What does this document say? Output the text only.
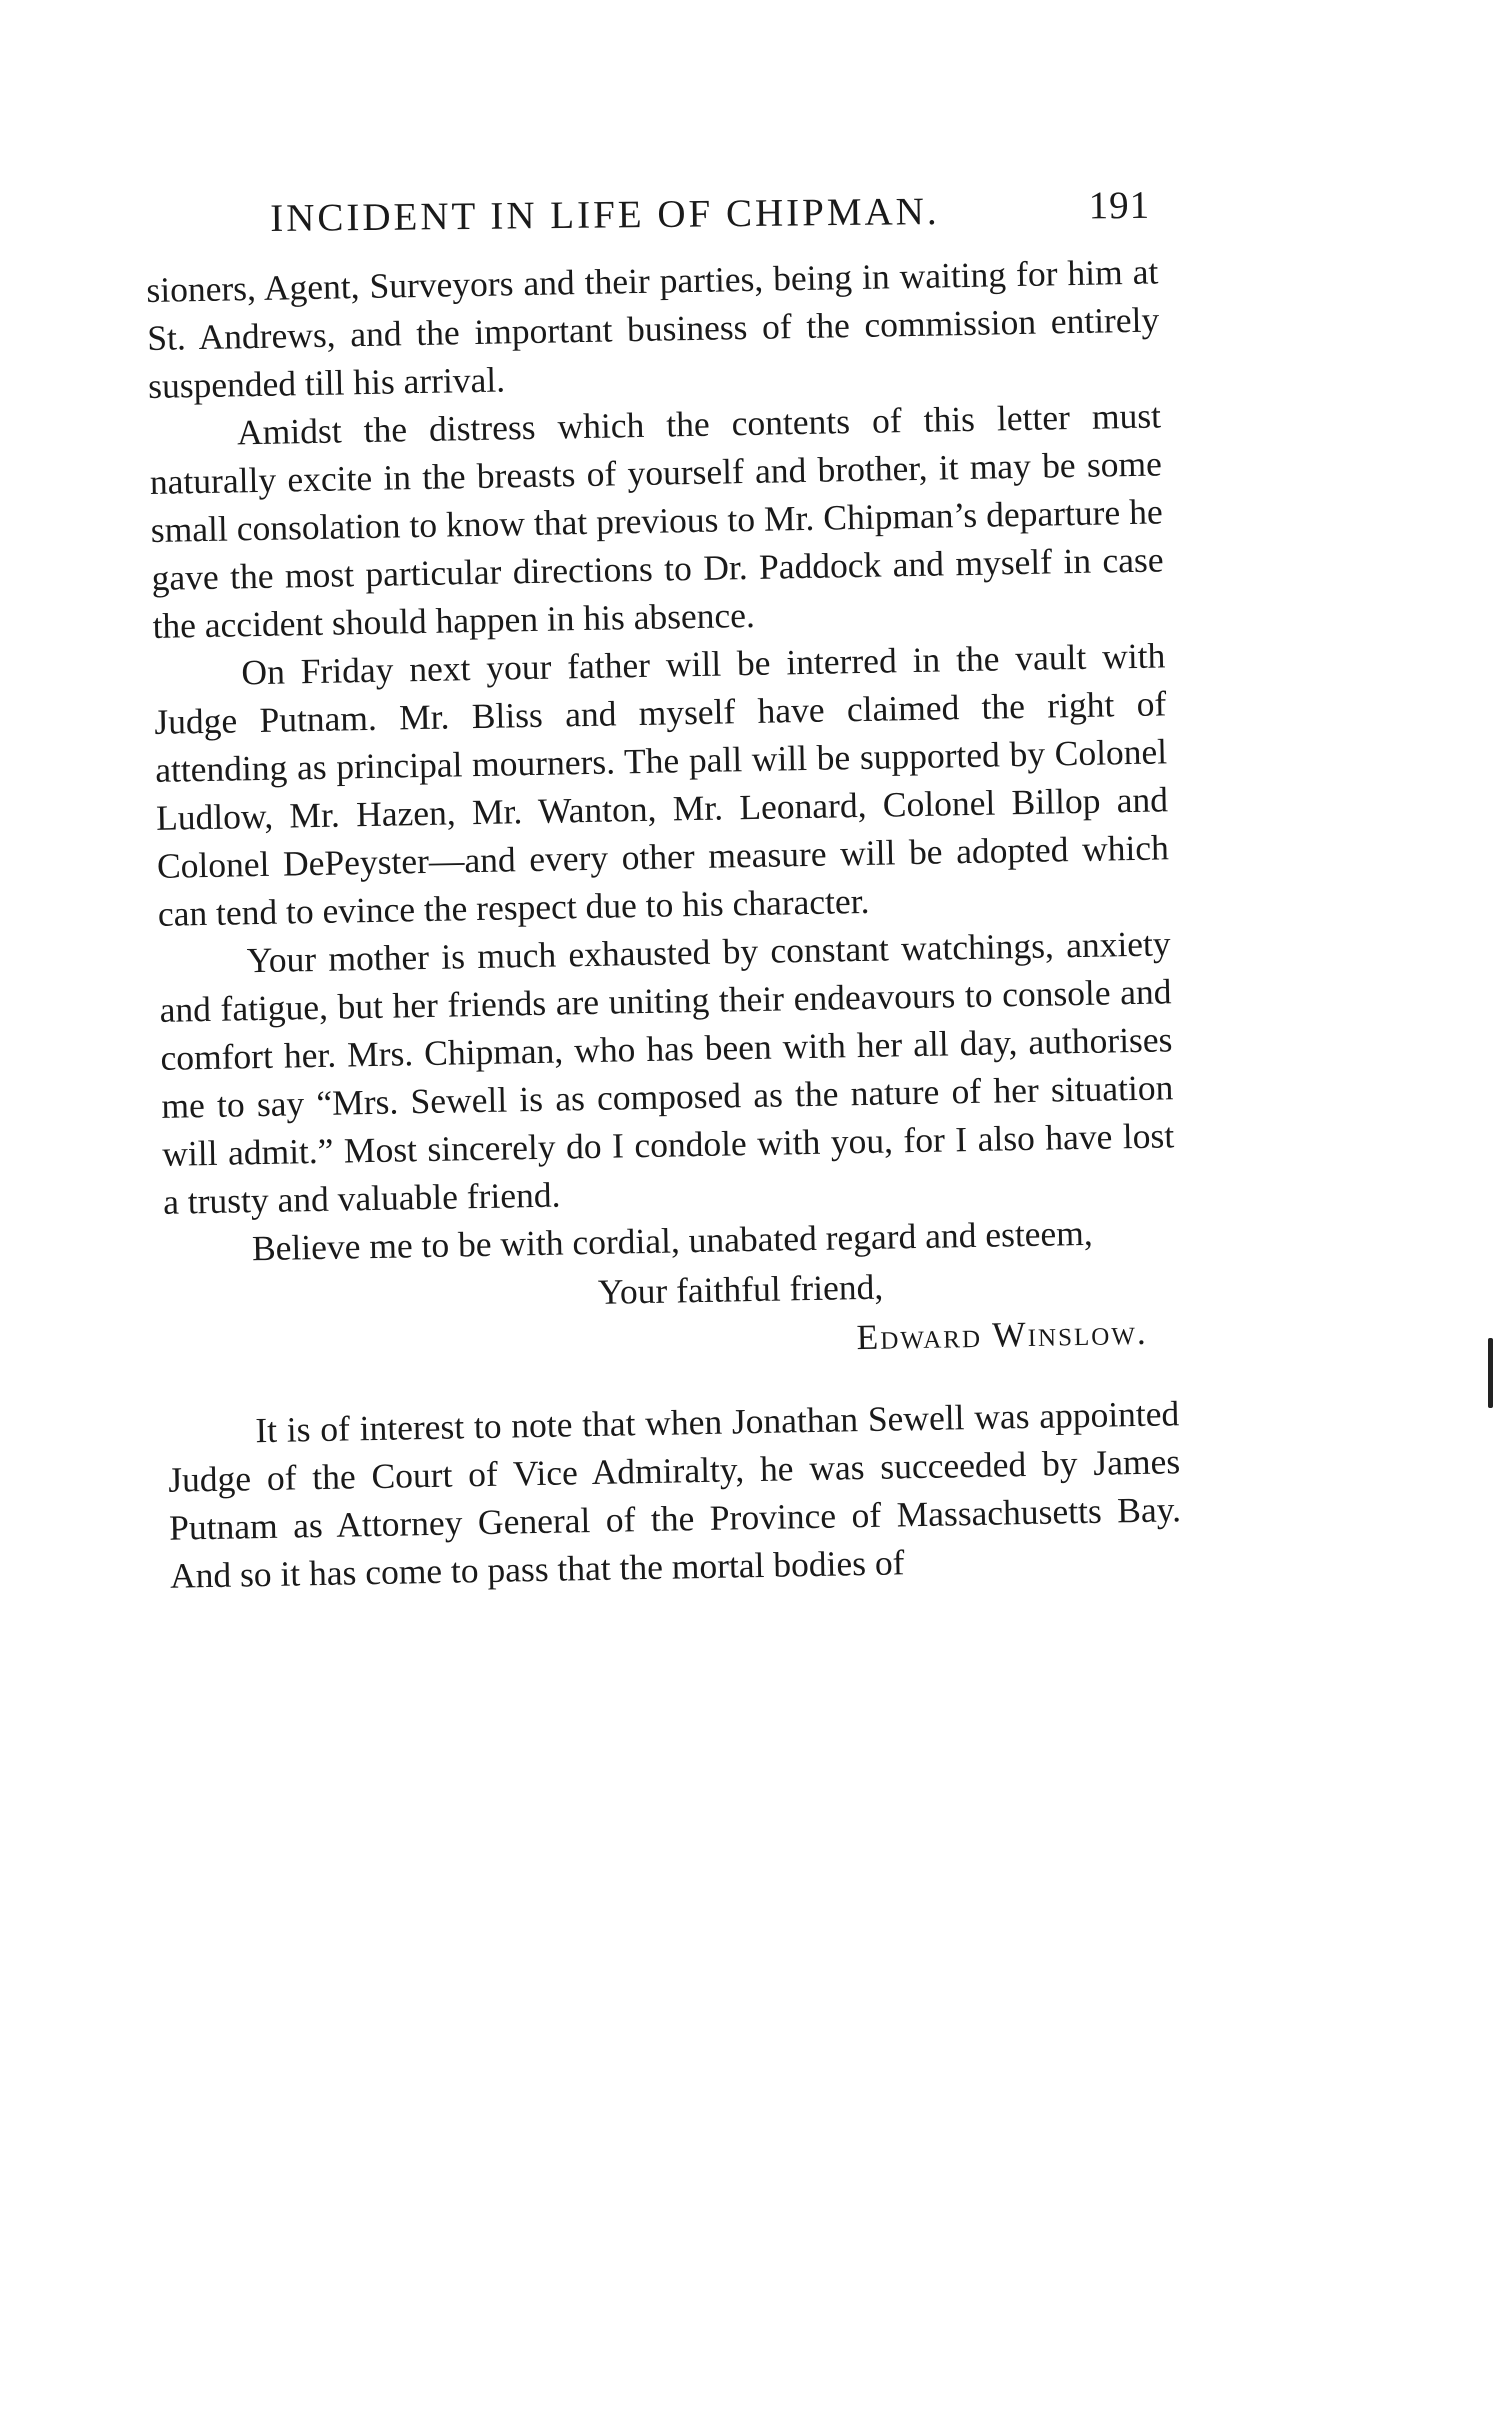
INCIDENT IN LIFE OF CHIPMAN.	191

sioners, Agent, Surveyors and their parties, being in waiting for him at St. Andrews, and the important business of the commission entirely suspended till his arrival.

Amidst the distress which the contents of this letter must naturally excite in the breasts of yourself and brother, it may be some small consolation to know that previous to Mr. Chipman’s departure he gave the most particular directions to Dr. Paddock and myself in case the accident should happen in his absence.

On Friday next your father will be interred in the vault with Judge Putnam. Mr. Bliss and myself have claimed the right of attending as principal mourners. The pall will be supported by Colonel Ludlow, Mr. Hazen, Mr. Wanton, Mr. Leonard, Colonel Billop and Colonel DePeyster—and every other measure will be adopted which can tend to evince the respect due to his character.

Your mother is much exhausted by constant watchings, anxiety and fatigue, but her friends are uniting their endeavours to console and comfort her. Mrs. Chipman, who has been with her all day, authorises me to say “Mrs. Sewell is as composed as the nature of her situation will admit.” Most sincerely do I condole with you, for I also have lost a trusty and valuable friend.

Believe me to be with cordial, unabated regard and esteem,

Your faithful friend,

Edward Winslow.

It is of interest to note that when Jonathan Sewell was appointed Judge of the Court of Vice Admiralty, he was succeeded by James Putnam as Attorney General of the Province of Massachusetts Bay. And so it has come to pass that the mortal bodies of
